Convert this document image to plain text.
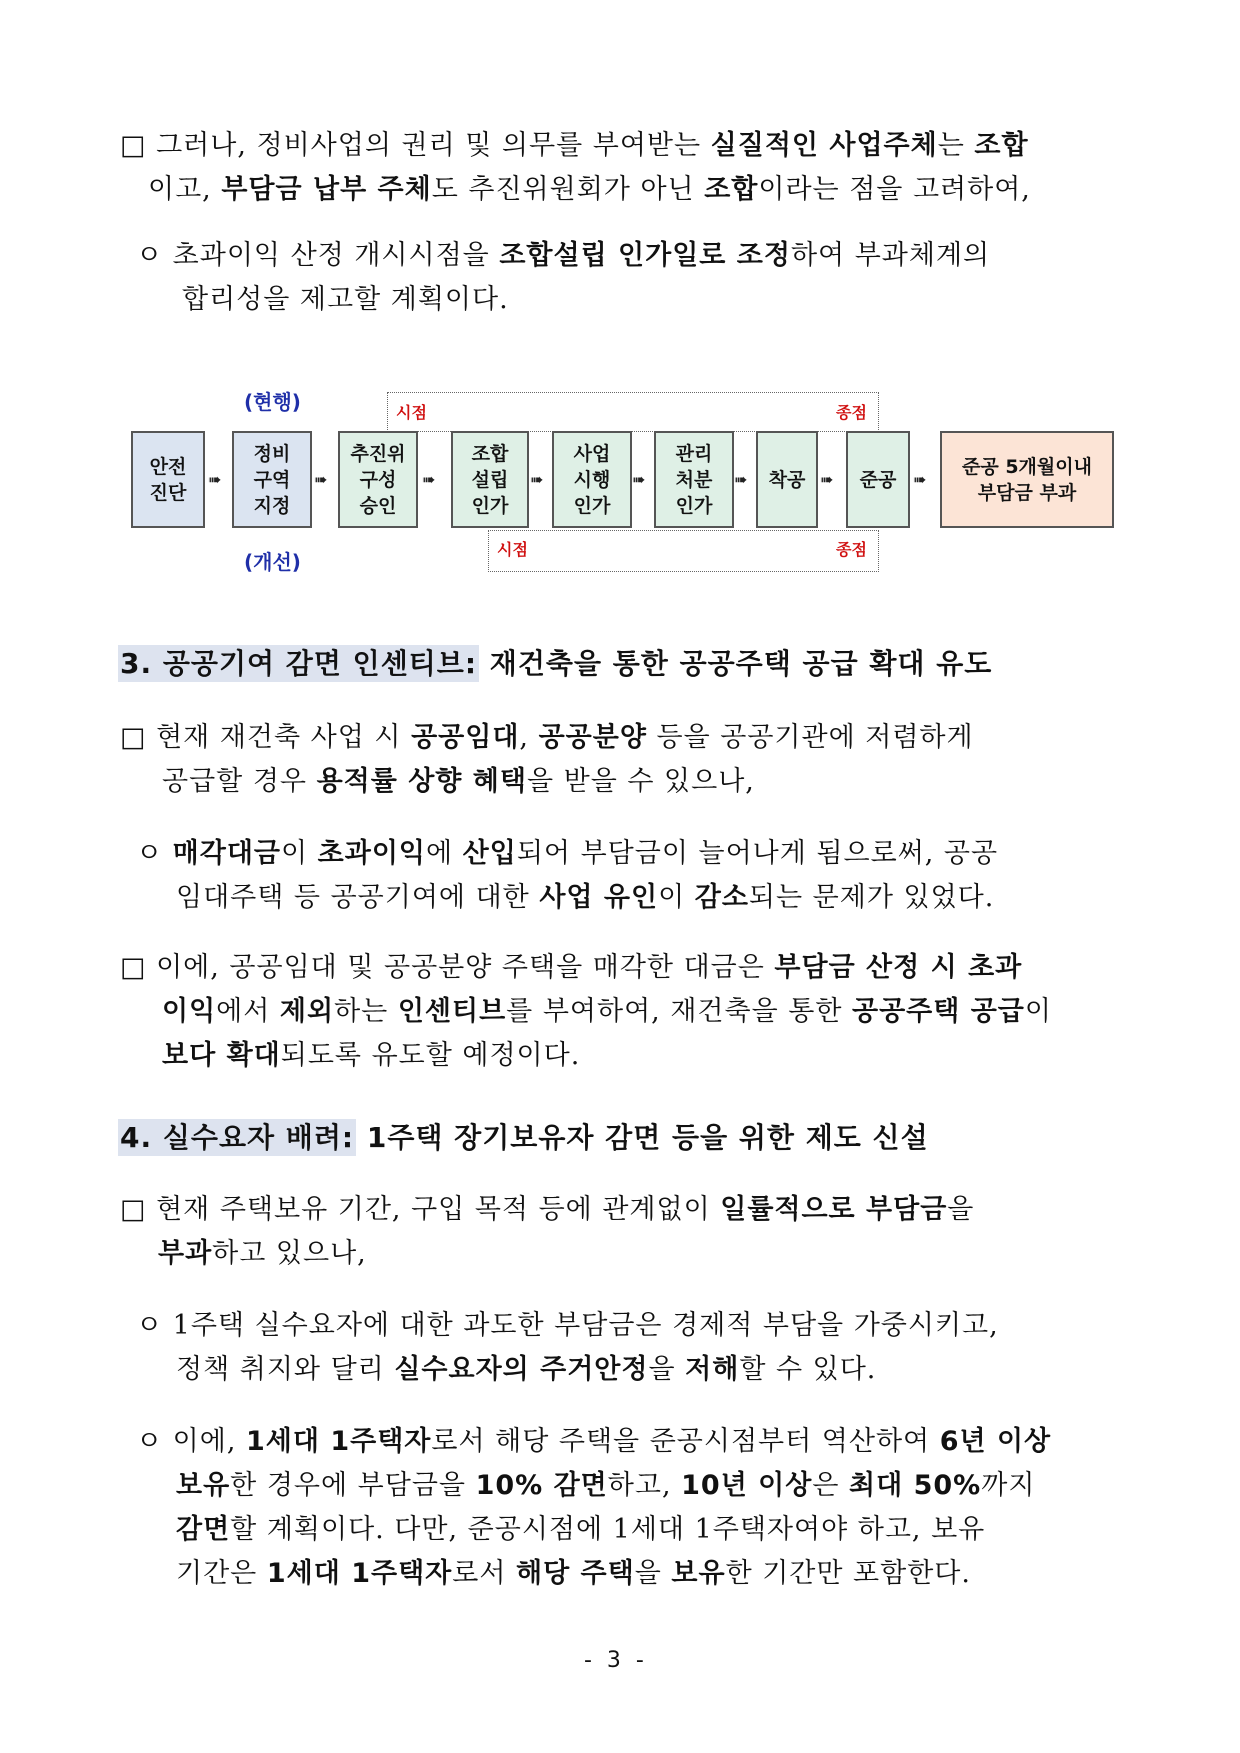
□ 그러나, 정비사업의 권리 및 의무를 부여받는 실질적인 사업주체는 조합
이고, 부담금 납부 주체도 추진위원회가 아닌 조합이라는 점을 고려하여,
ㅇ 초과이익 산정 개시시점을 조합설립 인가일로 조정하여 부과체계의
합리성을 제고할 계획이다.
(현행)
(개선)
시점	종점
시점	종점
안전
진단
정비
구역
지정
추진위
구성
승인
조합
설립
인가
사업
시행
인가
관리
처분
인가
착공	준공
준공 5개월이내
부담금 부과
➠	➠	➠	➠	➠	➠	➠	➠
3. 공공기여 감면 인센티브: 재건축을 통한 공공주택 공급 확대 유도
□ 현재 재건축 사업 시 공공임대, 공공분양 등을 공공기관에 저렴하게
공급할 경우 용적률 상향 혜택을 받을 수 있으나,
ㅇ 매각대금이 초과이익에 산입되어 부담금이 늘어나게 됨으로써, 공공
임대주택 등 공공기여에 대한 사업 유인이 감소되는 문제가 있었다.
□ 이에, 공공임대 및 공공분양 주택을 매각한 대금은 부담금 산정 시 초과
이익에서 제외하는 인센티브를 부여하여, 재건축을 통한 공공주택 공급이
보다 확대되도록 유도할 예정이다.
4. 실수요자 배려: 1주택 장기보유자 감면 등을 위한 제도 신설
□ 현재 주택보유 기간, 구입 목적 등에 관계없이 일률적으로 부담금을
부과하고 있으나,
ㅇ 1주택 실수요자에 대한 과도한 부담금은 경제적 부담을 가중시키고,
정책 취지와 달리 실수요자의 주거안정을 저해할 수 있다.
ㅇ 이에, 1세대 1주택자로서 해당 주택을 준공시점부터 역산하여 6년 이상
보유한 경우에 부담금을 10% 감면하고, 10년 이상은 최대 50%까지
감면할 계획이다. 다만, 준공시점에 1세대 1주택자여야 하고, 보유
기간은 1세대 1주택자로서 해당 주택을 보유한 기간만 포함한다.
- 3 -
